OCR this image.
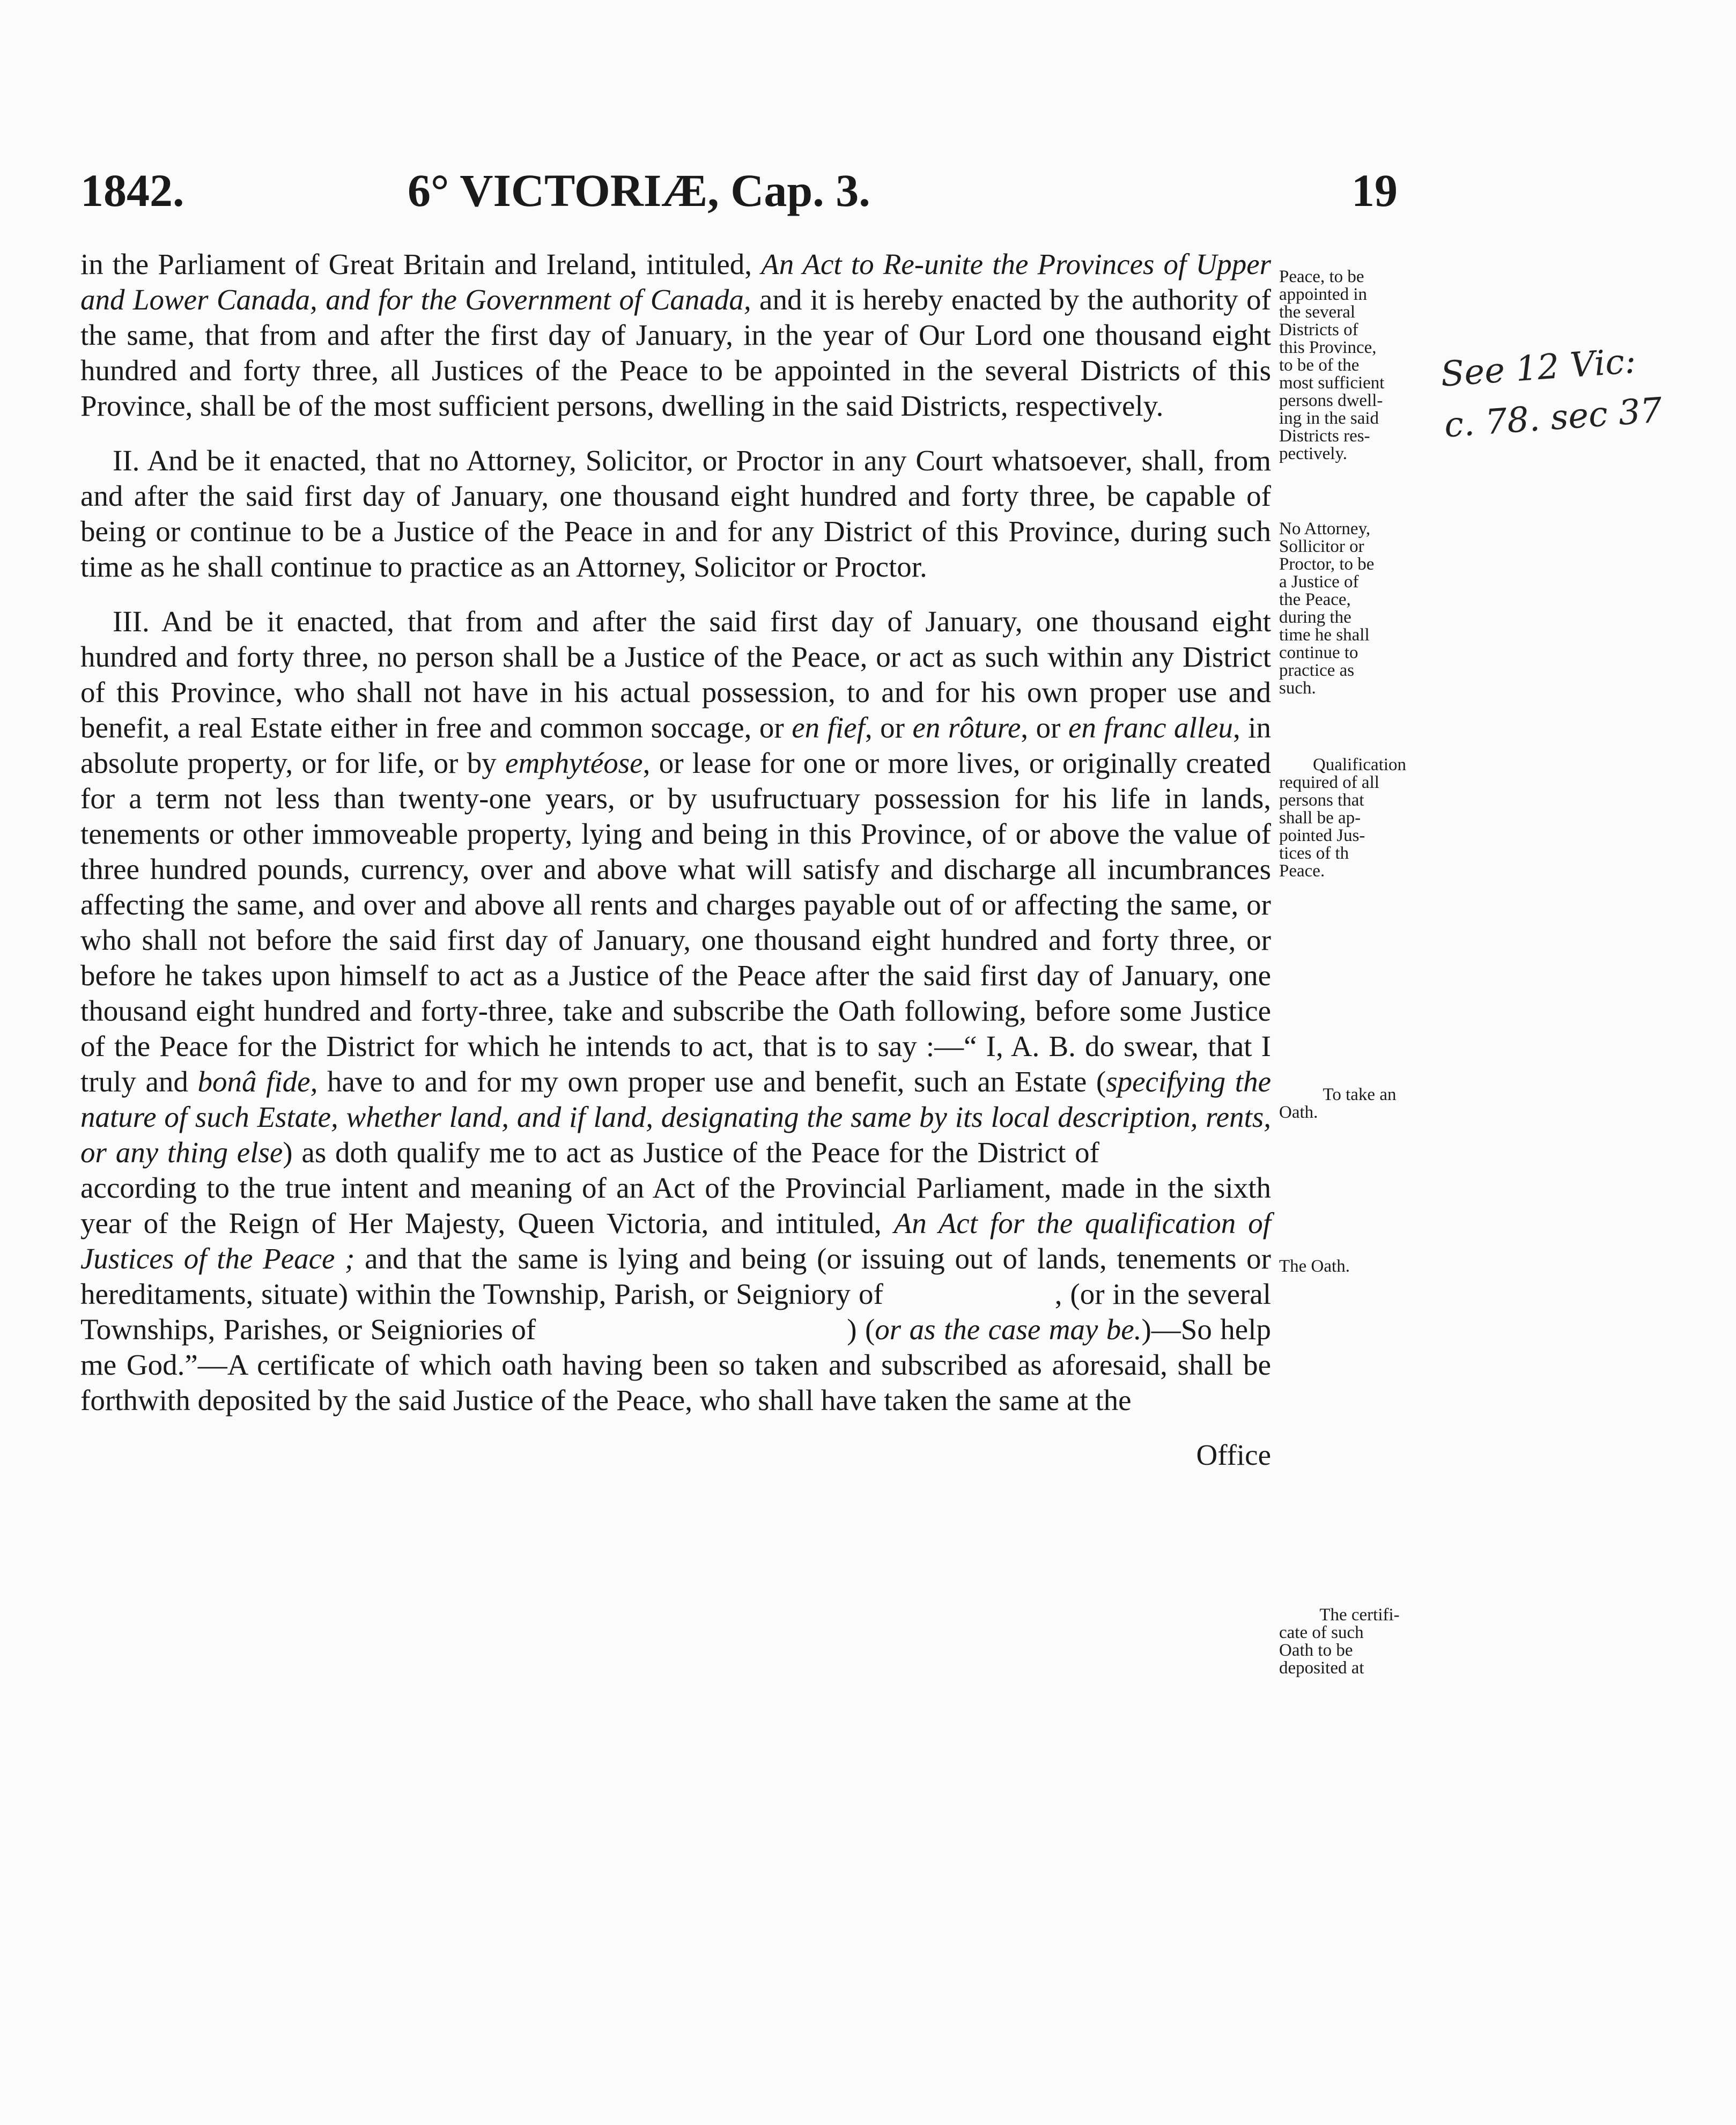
1842.	6° VICTORIÆ, Cap. 3.	19

in the Parliament of Great Britain and Ireland, intituled, An Act to Re-unite the Provinces of Upper and Lower Canada, and for the Government of Canada, and it is hereby enacted by the authority of the same, that from and after the first day of January, in the year of Our Lord one thousand eight hundred and forty three, all Justices of the Peace to be appointed in the several Districts of this Province, shall be of the most sufficient persons, dwelling in the said Districts, respectively.

II. And be it enacted, that no Attorney, Solicitor, or Proctor in any Court whatsoever, shall, from and after the said first day of January, one thousand eight hundred and forty three, be capable of being or continue to be a Justice of the Peace in and for any District of this Province, during such time as he shall continue to practice as an Attorney, Solicitor or Proctor.

III. And be it enacted, that from and after the said first day of January, one thousand eight hundred and forty three, no person shall be a Justice of the Peace, or act as such within any District of this Province, who shall not have in his actual possession, to and for his own proper use and benefit, a real Estate either in free and common soccage, or en fief, or en rôture, or en franc alleu, in absolute property, or for life, or by emphytéose, or lease for one or more lives, or originally created for a term not less than twenty-one years, or by usufructuary possession for his life in lands, tenements or other immoveable property, lying and being in this Province, of or above the value of three hundred pounds, currency, over and above what will satisfy and discharge all incumbrances affecting the same, and over and above all rents and charges payable out of or affecting the same, or who shall not before the said first day of January, one thousand eight hundred and forty three, or before he takes upon himself to act as a Justice of the Peace after the said first day of January, one thousand eight hundred and forty-three, take and subscribe the Oath following, before some Justice of the Peace for the District for which he intends to act, that is to say :—“ I, A. B. do swear, that I truly and bonâ fide, have to and for my own proper use and benefit, such an Estate (specifying the nature of such Estate, whether land, and if land, designating the same by its local description, rents, or any thing else) as doth qualify me to act as Justice of the Peace for the District ofaccording to the true intent and meaning of an Act of the Provincial Parliament, made in the sixth year of the Reign of Her Majesty, Queen Victoria, and intituled, An Act for the qualification of Justices of the Peace ; and that the same is lying and being (or issuing out of lands, tenements or hereditaments, situate) within the Township, Parish, or Seigniory of	, (or in the several Townships, Parishes, or Seigniories of	) (or as the case may be.)—So help me God.”—A certificate of which oath having been so taken and subscribed as aforesaid, shall be forthwith deposited by the said Justice of the Peace, who shall have taken the same at the

Office

Peace, to be
appointed in
the several
Districts of
this Province,
to be of the
most sufficient
persons dwell-
ing in the said
Districts res-
pectively.
No Attorney,
Sollicitor or
Proctor, to be
a Justice of
the Peace,
during the
time he shall
continue to
practice as
such.
Qualification
required of all
persons that
shall be ap-
pointed Jus-
tices of th
Peace.
To take an
Oath.
The Oath.
The certifi-
cate of such
Oath to be
deposited at
See 12 Vic:
c. 78. sec 37
